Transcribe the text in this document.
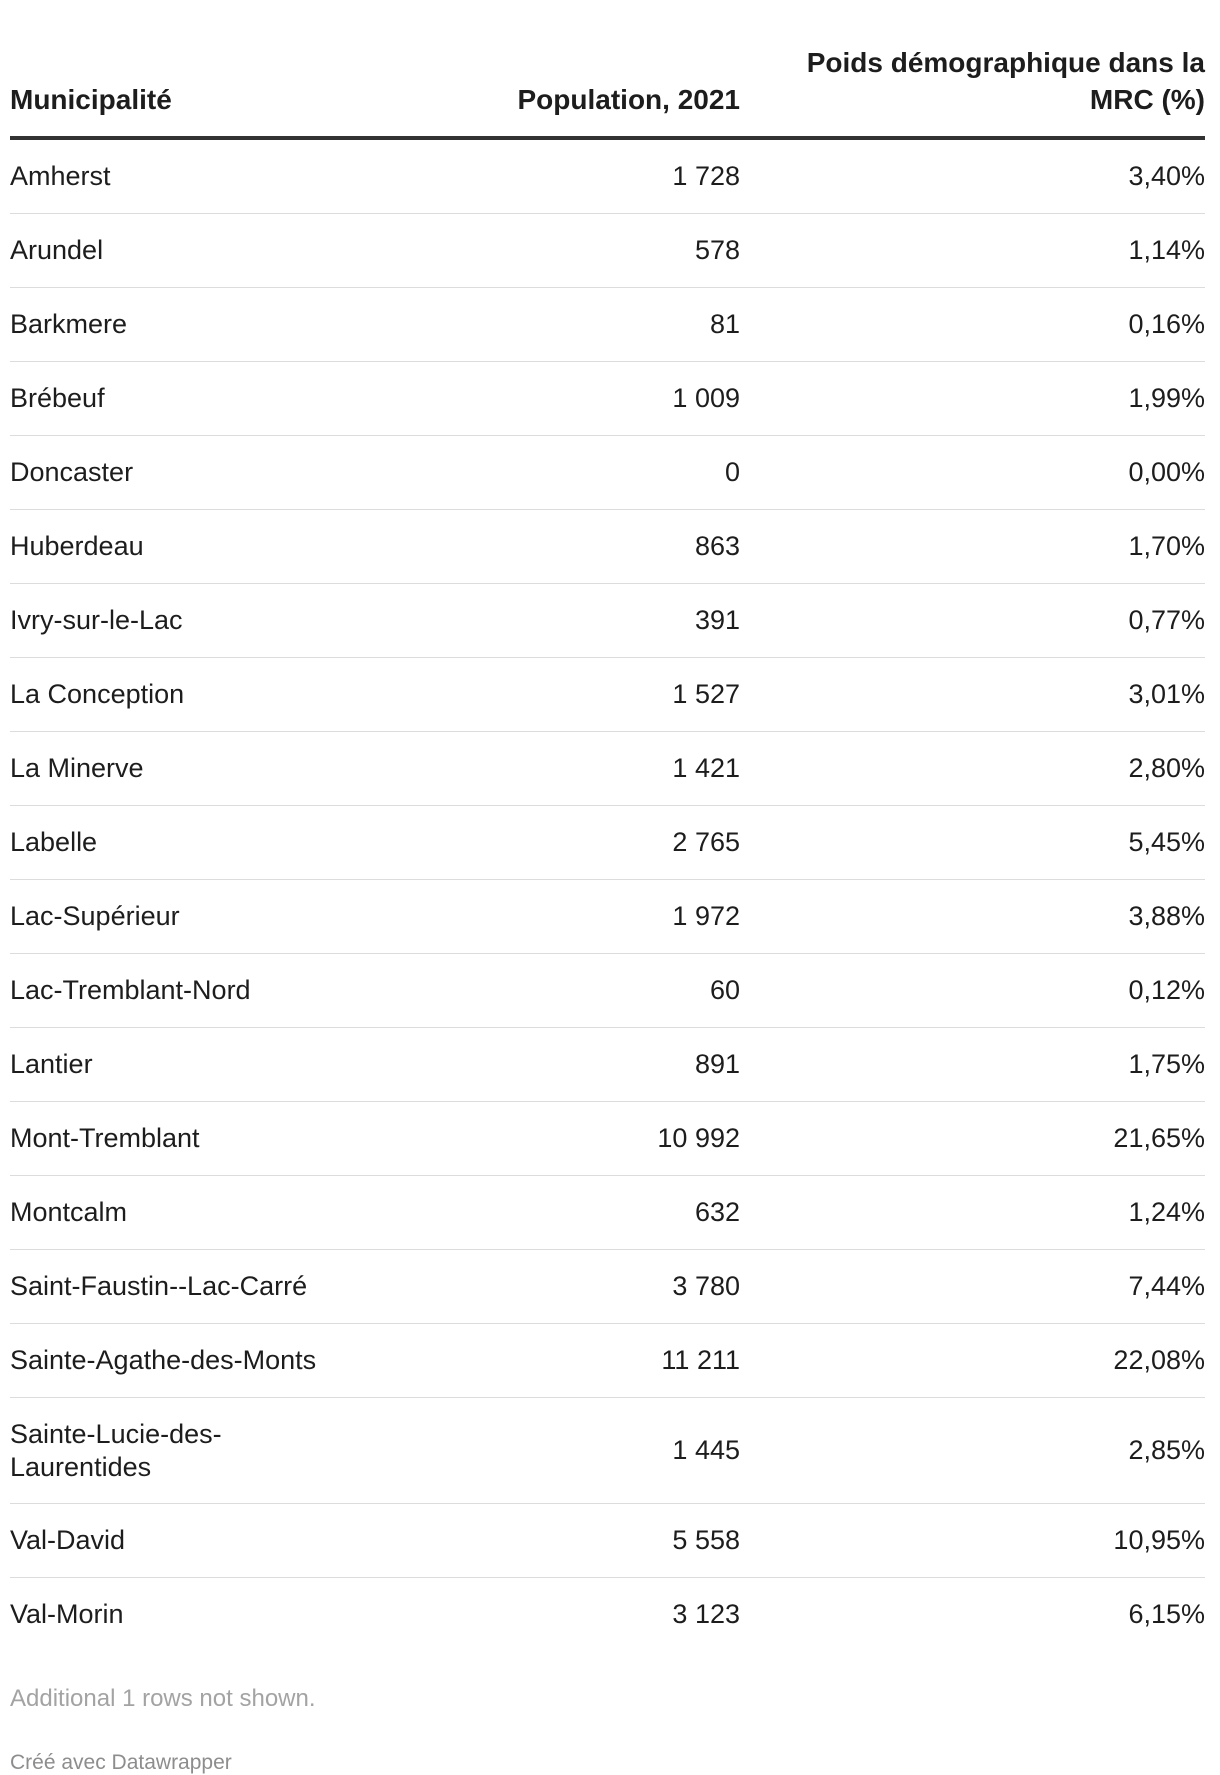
Municipalité	Population, 2021	Poids démographique dans la MRC (%)
Amherst	1 728	3,40%
Arundel	578	1,14%
Barkmere	81	0,16%
Brébeuf	1 009	1,99%
Doncaster	0	0,00%
Huberdeau	863	1,70%
Ivry-sur-le-Lac	391	0,77%
La Conception	1 527	3,01%
La Minerve	1 421	2,80%
Labelle	2 765	5,45%
Lac-Supérieur	1 972	3,88%
Lac-Tremblant-Nord	60	0,12%
Lantier	891	1,75%
Mont-Tremblant	10 992	21,65%
Montcalm	632	1,24%
Saint-Faustin--Lac-Carré	3 780	7,44%
Sainte-Agathe-des-Monts	11 211	22,08%
Sainte-Lucie-des-Laurentides	1 445	2,85%
Val-David	5 558	10,95%
Val-Morin	3 123	6,15%
Additional 1 rows not shown.
Créé avec Datawrapper
